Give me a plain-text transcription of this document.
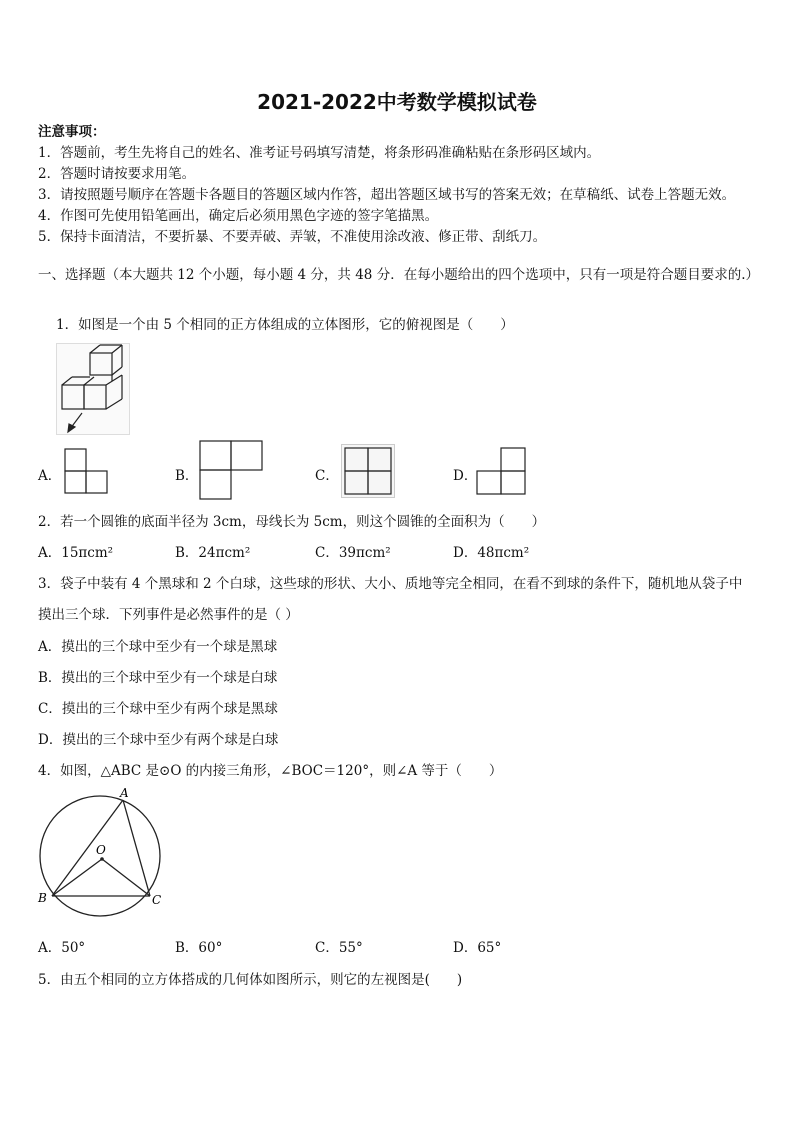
2021-2022中考数学模拟试卷
注意事项：
1．答题前，考生先将自己的姓名、准考证号码填写清楚，将条形码准确粘贴在条形码区域内。
2．答题时请按要求用笔。
3．请按照题号顺序在答题卡各题目的答题区域内作答，超出答题区域书写的答案无效；在草稿纸、试卷上答题无效。
4．作图可先使用铅笔画出，确定后必须用黑色字迹的签字笔描黑。
5．保持卡面清洁，不要折暴、不要弄破、弄皱，不准使用涂改液、修正带、刮纸刀。
一、选择题（本大题共 12 个小题，每小题 4 分，共 48 分．在每小题给出的四个选项中，只有一项是符合题目要求的.）
1．如图是一个由 5 个相同的正方体组成的立体图形，它的俯视图是（　　）
A．	B．	C．	D．
2．若一个圆锥的底面半径为 3cm，母线长为 5cm，则这个圆锥的全面积为（　　）
A．15πcm²	B．24πcm²	C．39πcm²	D．48πcm²
3．袋子中装有 4 个黑球和 2 个白球，这些球的形状、大小、质地等完全相同，在看不到球的条件下，随机地从袋子中
摸出三个球．下列事件是必然事件的是（ ）
A．摸出的三个球中至少有一个球是黑球
B．摸出的三个球中至少有一个球是白球
C．摸出的三个球中至少有两个球是黑球
D．摸出的三个球中至少有两个球是白球
4．如图，△ABC 是⊙O 的内接三角形，∠BOC＝120°，则∠A 等于（　　）
A
B	C
O
A．50°	B．60°	C．55°	D．65°
5．由五个相同的立方体搭成的几何体如图所示，则它的左视图是(　　)
